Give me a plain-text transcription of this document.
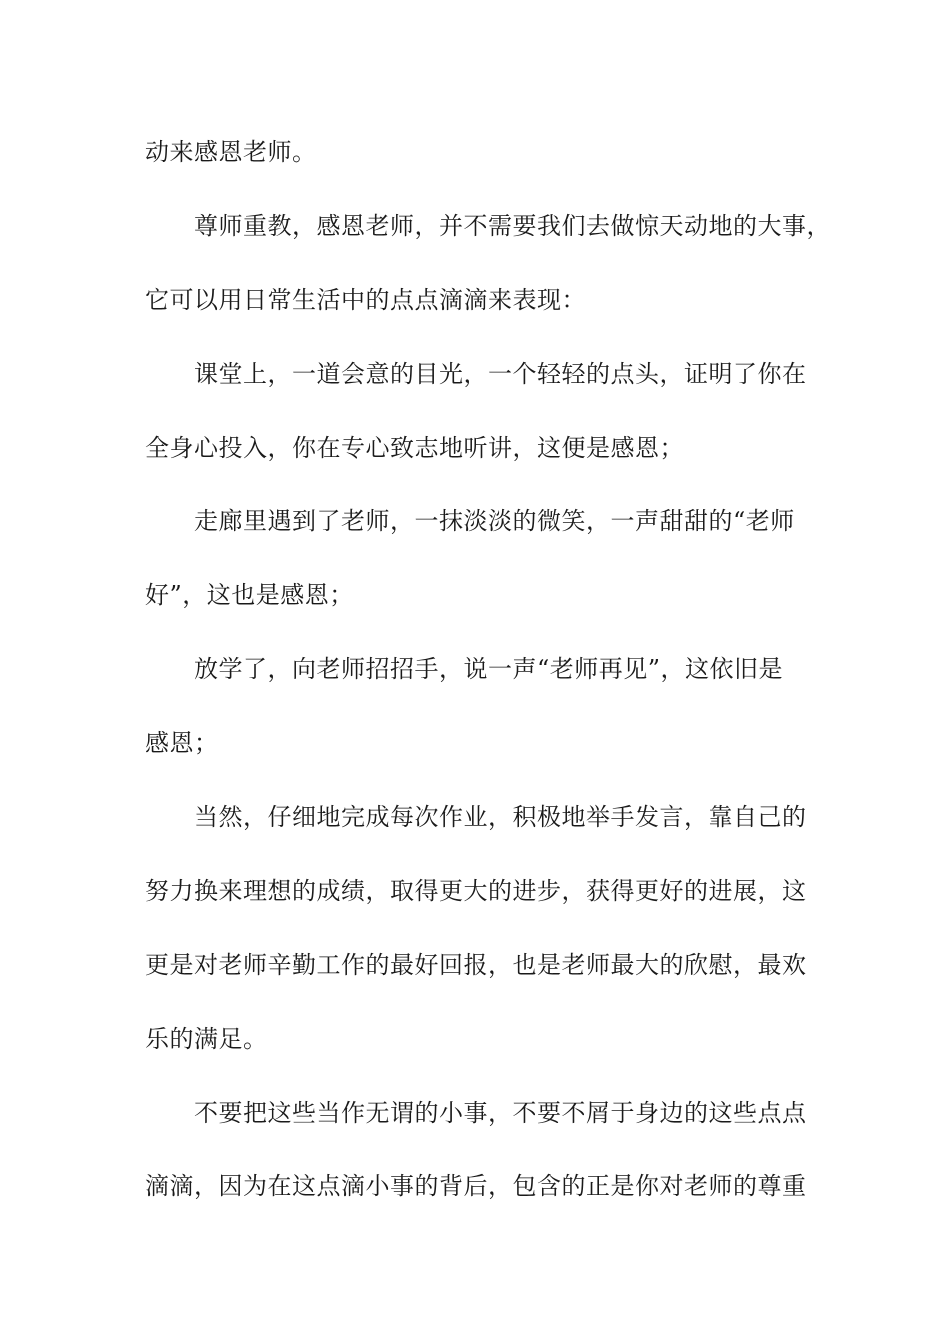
动来感恩老师。
尊师重教，感恩老师，并不需要我们去做惊天动地的大事，
它可以用日常生活中的点点滴滴来表现：
课堂上，一道会意的目光，一个轻轻的点头，证明了你在
全身心投入，你在专心致志地听讲，这便是感恩；
走廊里遇到了老师，一抹淡淡的微笑，一声甜甜的“老师
好”，这也是感恩；
放学了，向老师招招手，说一声“老师再见”，这依旧是
感恩；
当然，仔细地完成每次作业，积极地举手发言，靠自己的
努力换来理想的成绩，取得更大的进步，获得更好的进展，这
更是对老师辛勤工作的最好回报，也是老师最大的欣慰，最欢
乐的满足。
不要把这些当作无谓的小事，不要不屑于身边的这些点点
滴滴，因为在这点滴小事的背后，包含的正是你对老师的尊重
